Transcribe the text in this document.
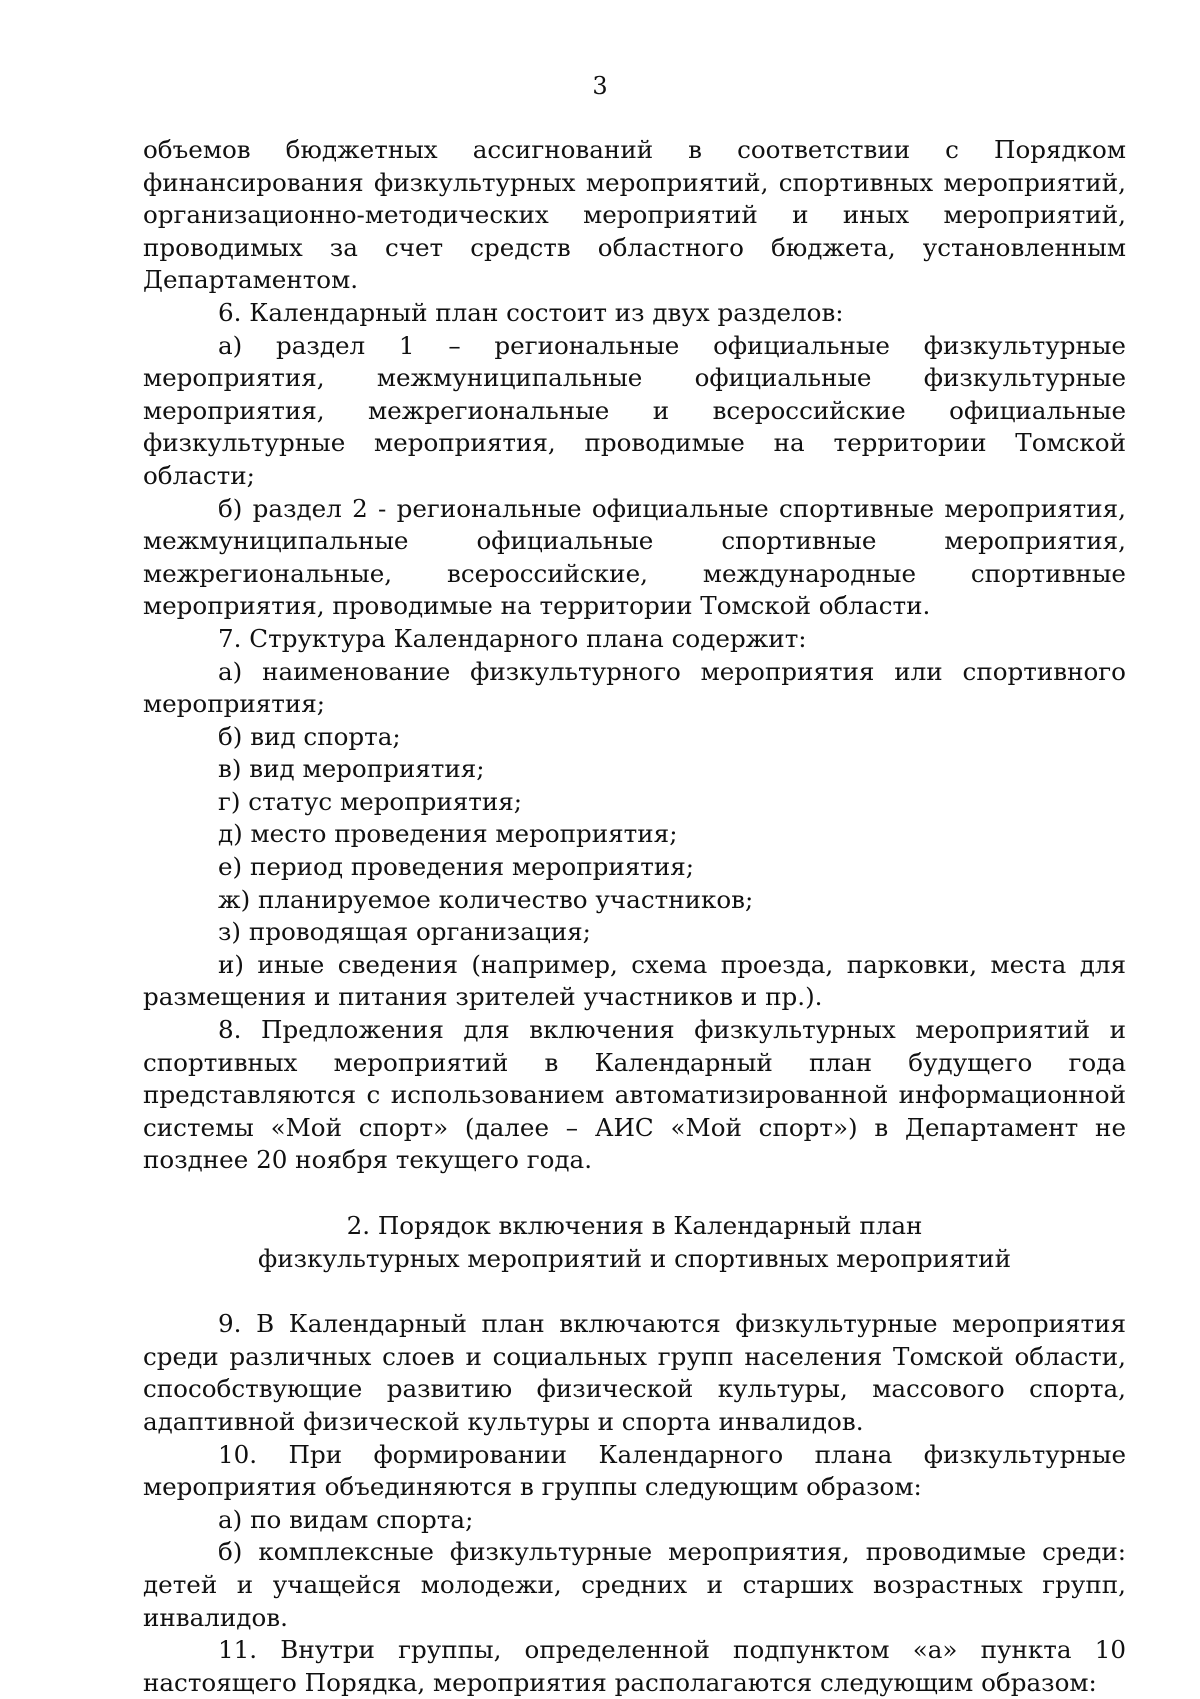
3

объемов бюджетных ассигнований в соответствии с Порядком финансирования физкультурных мероприятий, спортивных мероприятий, организационно-методических мероприятий и иных мероприятий, проводимых за счет средств областного бюджета, установленным Департаментом.

6. Календарный план состоит из двух разделов:

а) раздел 1 – региональные официальные физкультурные мероприятия, межмуниципальные официальные физкультурные мероприятия, межрегиональные и всероссийские официальные физкультурные мероприятия, проводимые на территории Томской области;

б) раздел 2 - региональные официальные спортивные мероприятия, межмуниципальные официальные спортивные мероприятия, межрегиональные, всероссийские, международные спортивные мероприятия, проводимые на территории Томской области.

7. Структура Календарного плана содержит:

а) наименование физкультурного мероприятия или спортивного мероприятия;

б) вид спорта;

в) вид мероприятия;

г) статус мероприятия;

д) место проведения мероприятия;

е) период проведения мероприятия;

ж) планируемое количество участников;

з) проводящая организация;

и) иные сведения (например, схема проезда, парковки, места для размещения и питания зрителей участников и пр.).

8. Предложения для включения физкультурных мероприятий и спортивных мероприятий в Календарный план будущего года представляются с использованием автоматизированной информационной системы «Мой спорт» (далее – АИС «Мой спорт») в Департамент не позднее 20 ноября текущего года.

2. Порядок включения в Календарный план
физкультурных мероприятий и спортивных мероприятий

9. В Календарный план включаются физкультурные мероприятия среди различных слоев и социальных групп населения Томской области, способствующие развитию физической культуры, массового спорта, адаптивной физической культуры и спорта инвалидов.

10. При формировании Календарного плана физкультурные мероприятия объединяются в группы следующим образом:

а) по видам спорта;

б) комплексные физкультурные мероприятия, проводимые среди: детей и учащейся молодежи, средних и старших возрастных групп, инвалидов.

11. Внутри группы, определенной подпунктом «а» пункта 10 настоящего Порядка, мероприятия располагаются следующим образом:
